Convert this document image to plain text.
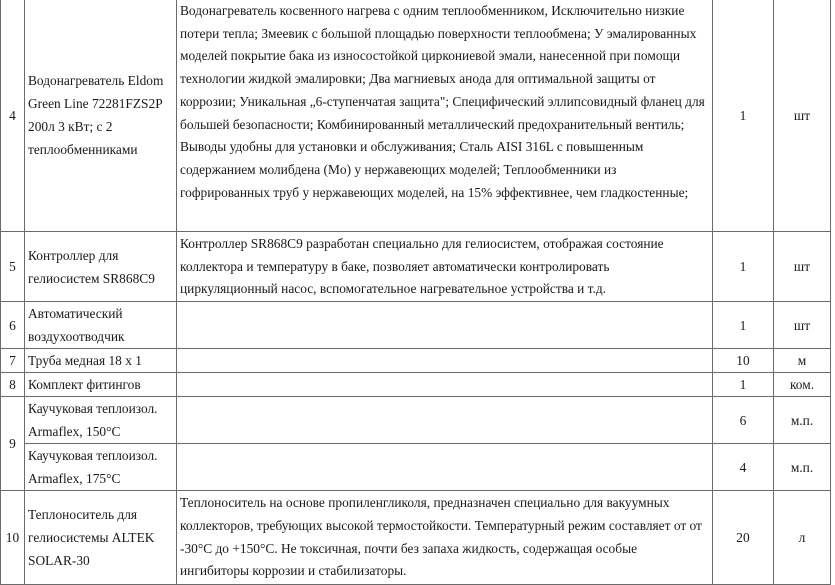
4	Водонагреватель Eldom Green Line 72281FZS2P 200л 3 кВт; с 2 теплообменниками	Водонагреватель косвенного нагрева с одним теплообменником, Исключительно низкие потери тепла; Змеевик с большой площадью поверхности теплообмена; У эмалированных моделей покрытие бака из износостойкой циркониевой эмали, нанесенной при помощи технологии жидкой эмалировки; Два магниевых анода для оптимальной защиты от коррозии; Уникальная „6-ступенчатая защита"; Специфический эллипсовидный фланец для большей безопасности; Комбинированный металлический предохранительный вентиль; Выводы удобны для установки и обслуживания; Сталь AISI 316L с повышенным содержанием молибдена (Mo) у нержавеющих моделей; Теплообменники из гофрированных труб у нержавеющих моделей, на 15% эффективнее, чем гладкостенные;	1	шт
5	Контроллер для гелиосистем SR868C9	Контроллер SR868C9 разработан специально для гелиосистем, отображая состояние коллектора и температуру в баке, позволяет автоматически контролировать циркуляционный насос, вспомогательное нагревательное устройства и т.д.	1	шт
6	Автоматический воздухоотводчик		1	шт
7	Труба медная 18 х 1		10	м
8	Комплект фитингов		1	ком.
9	Каучуковая теплоизол. Armaflex, 150°С		6	м.п.
	Каучуковая теплоизол. Armaflex, 175°С		4	м.п.
10	Теплоноситель для гелиосистемы ALTEK SOLAR-30	Теплоноситель на основе пропиленгликоля, предназначен специально для вакуумных коллекторов, требующих высокой термостойкости. Температурный режим составляет от от -30°С до +150°С. Не токсичная, почти без запаха жидкость, содержащая особые ингибиторы коррозии и стабилизаторы.	20	л
